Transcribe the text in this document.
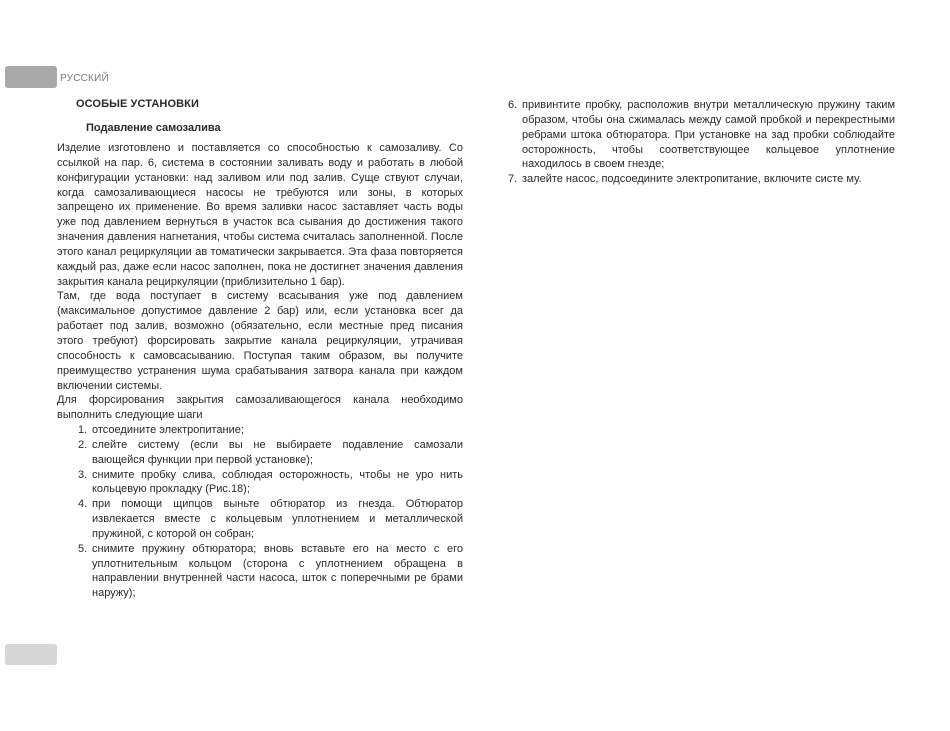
РУССКИЙ
ОСОБЫЕ УСТАНОВКИ
Подавление самозалива

Изделие изготовлено и поставляется со способностью к самозаливу. Со ссылкой на пар. 6, система в состоянии заливать воду и работать в любой конфигурации установки: над заливом или под залив. Суще ствуют случаи, когда самозаливающиеся насосы не требуются или зоны, в которых запрещено их применение. Во время заливки насос заставляет часть воды уже под давлением вернуться в участок вса сывания до достижения такого значения давления нагнетания, чтобы система считалась заполненной. После этого канал рециркуляции ав томатически закрывается. Эта фаза повторяется каждый раз, даже если насос заполнен, пока не достигнет значения давления закрытия канала рециркуляции (приблизительно 1 бар).

Там, где вода поступает в систему всасывания уже под давлением (максимальное допустимое давление 2 бар) или, если установка всег да работает под залив, возможно (обязательно, если местные пред писания этого требуют) форсировать закрытие канала рециркуляции, утрачивая способность к самовсасыванию. Поступая таким образом, вы получите преимущество устранения шума срабатывания затвора канала при каждом включении системы.

Для форсирования закрытия самозаливающегося канала необходимо выполнить следующие шаги

1. отсоедините электропитание;
2. слейте систему (если вы не выбираете подавление самозали вающейся функции при первой установке);
3. снимите пробку слива, соблюдая осторожность, чтобы не уро нить кольцевую прокладку (Рис.18);
4. при помощи щипцов выньте обтюратор из гнезда. Обтюратор извлекается вместе с кольцевым уплотнением и металлической пружиной, с которой он собран;
5. снимите пружину обтюратора; вновь вставьте его на место с его уплотнительным кольцом (сторона с уплотнением обращена в направлении внутренней части насоса, шток с поперечными ре брами наружу);
6. привинтите пробку, расположив внутри металлическую пружину таким образом, чтобы она сжималась между самой пробкой и перекрестными ребрами штока обтюратора. При установке на зад пробки соблюдайте осторожность, чтобы соответствующее кольцевое уплотнение находилось в своем гнезде;
7. залейте насос, подсоедините электропитание, включите систе му.
